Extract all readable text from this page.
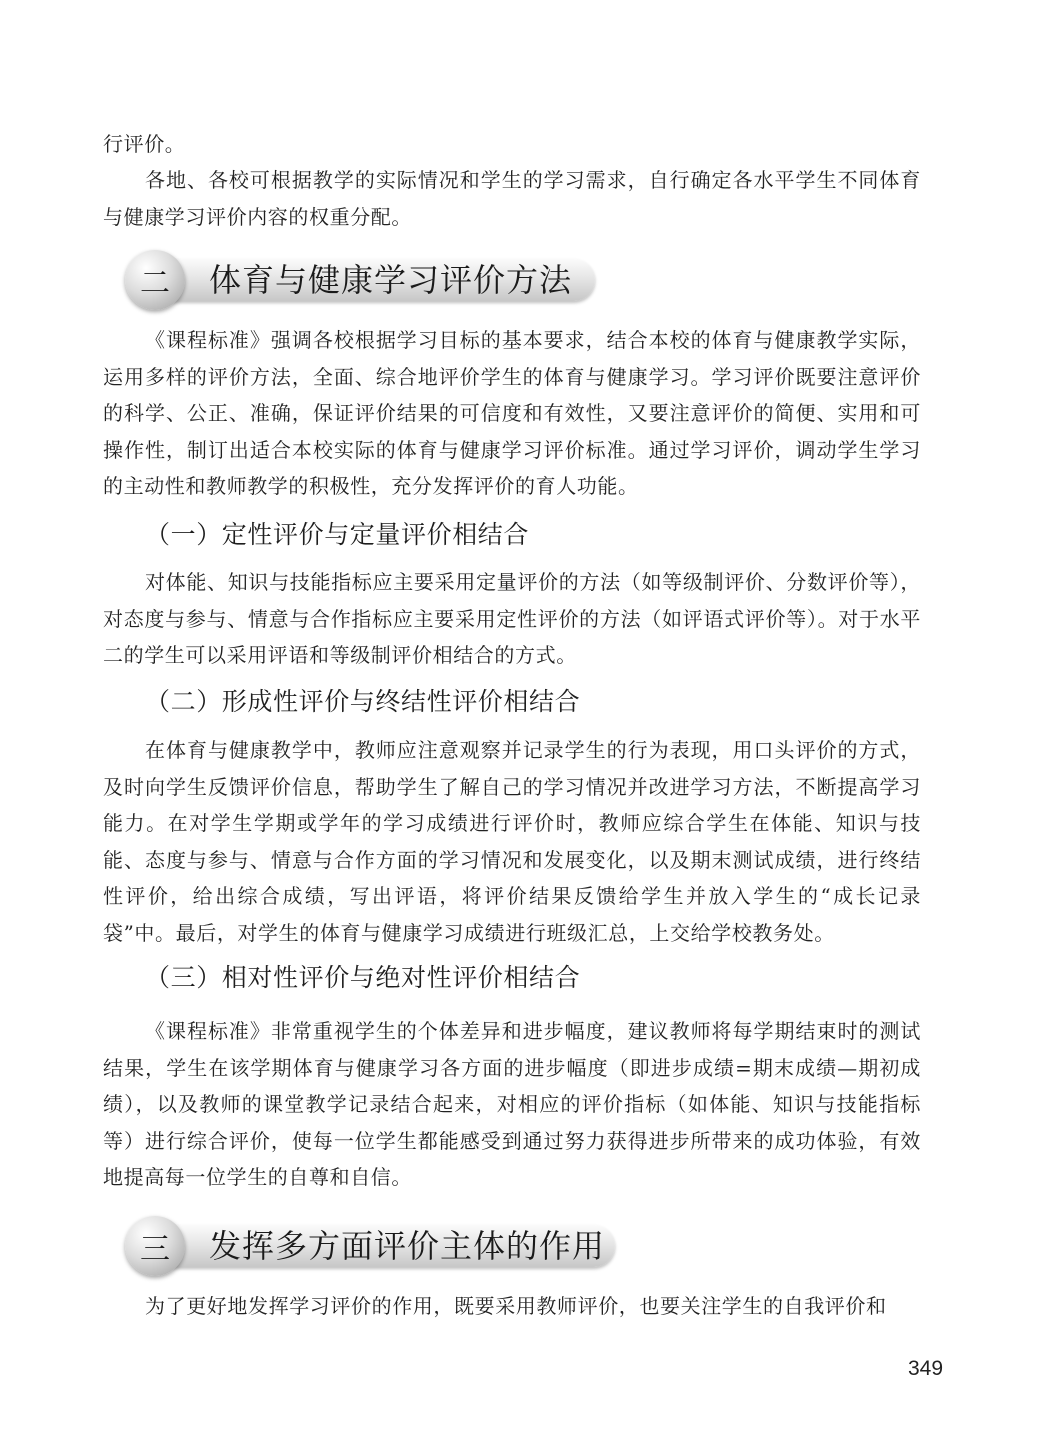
行评价。

各地、各校可根据教学的实际情况和学生的学习需求，自行确定各水平学生不同体育与健康学习评价内容的权重分配。

二	体育与健康学习评价方法

《课程标准》强调各校根据学习目标的基本要求，结合本校的体育与健康教学实际，运用多样的评价方法，全面、综合地评价学生的体育与健康学习。学习评价既要注意评价的科学、公正、准确，保证评价结果的可信度和有效性，又要注意评价的简便、实用和可操作性，制订出适合本校实际的体育与健康学习评价标准。通过学习评价，调动学生学习的主动性和教师教学的积极性，充分发挥评价的育人功能。

（一）定性评价与定量评价相结合

对体能、知识与技能指标应主要采用定量评价的方法（如等级制评价、分数评价等），对态度与参与、情意与合作指标应主要采用定性评价的方法（如评语式评价等）。对于水平二的学生可以采用评语和等级制评价相结合的方式。

（二）形成性评价与终结性评价相结合

在体育与健康教学中，教师应注意观察并记录学生的行为表现，用口头评价的方式，及时向学生反馈评价信息，帮助学生了解自己的学习情况并改进学习方法，不断提高学习能力。在对学生学期或学年的学习成绩进行评价时，教师应综合学生在体能、知识与技能、态度与参与、情意与合作方面的学习情况和发展变化，以及期末测试成绩，进行终结性评价，给出综合成绩，写出评语，将评价结果反馈给学生并放入学生的“成长记录袋”中。最后，对学生的体育与健康学习成绩进行班级汇总，上交给学校教务处。

（三）相对性评价与绝对性评价相结合

《课程标准》非常重视学生的个体差异和进步幅度，建议教师将每学期结束时的测试结果，学生在该学期体育与健康学习各方面的进步幅度（即进步成绩=期末成绩—期初成绩），以及教师的课堂教学记录结合起来，对相应的评价指标（如体能、知识与技能指标等）进行综合评价，使每一位学生都能感受到通过努力获得进步所带来的成功体验，有效地提高每一位学生的自尊和自信。

三	发挥多方面评价主体的作用

为了更好地发挥学习评价的作用，既要采用教师评价，也要关注学生的自我评价和

349
